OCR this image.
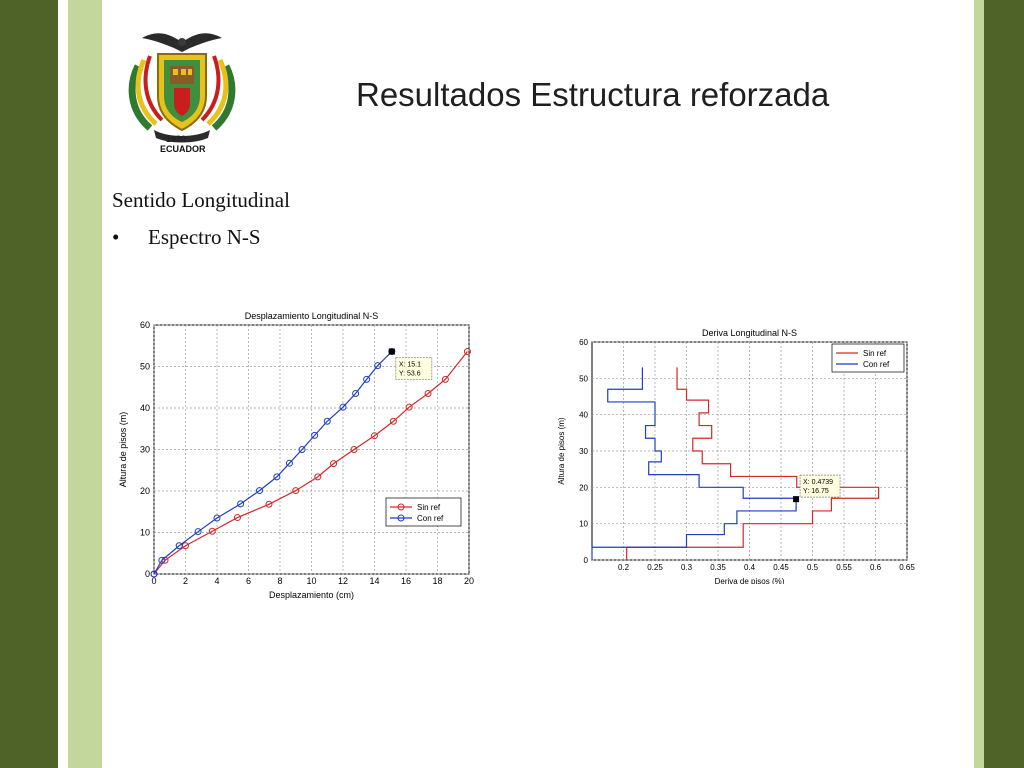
1920
ECUADOR
Resultados Estructura reforzada
Sentido Longitudinal
• Espectro N-S
0	2	4	6	8	10 12 14 16 18 20
0
10
20
30
40
50
60
Desplazamiento Longitudinal N-S
Desplazamiento (cm)
Altura de pisos (m)
X: 15.1
Y: 53.6
Sin ref
Con ref
0.2 0.25 0.3 0.35 0.4 0.45 0.5 0.55 0.6 0.65
0
10
20
30
40
50
60
Deriva Longitudinal N-S
Deriva de pisos (%)
Altura de pisos (m)	X: 0.4739
Y: 16.75
Sin ref
Con ref
